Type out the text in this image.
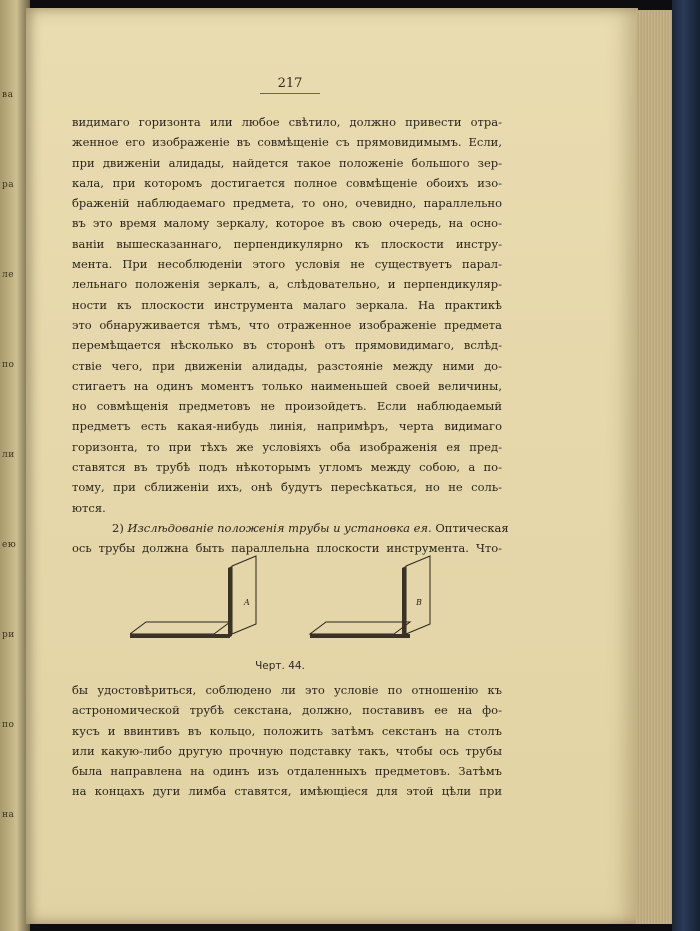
ва
ра
ле
по
ли
ею
ри
по
на
217
видимаго горизонта или любое свѣтило, должно привести отра-
женное его изображеніе въ совмѣщеніе съ прямовидимымъ. Если,
при движеніи алидады, найдется такое положеніе большого зер-
кала, при которомъ достигается полное совмѣщеніе обоихъ изо-
браженій наблюдаемаго предмета, то оно, очевидно, параллельно
въ это время малому зеркалу, которое въ свою очередь, на осно-
ваніи вышесказаннаго, перпендикулярно къ плоскости инстру-
мента. При несоблюденіи этого условія не существуетъ парал-
лельнаго положенія зеркалъ, а, слѣдовательно, и перпендикуляр-
ности къ плоскости инструмента малаго зеркала. На практикѣ
это обнаруживается тѣмъ, что отраженное изображеніе предмета
перемѣщается нѣсколько въ сторонѣ отъ прямовидимаго, вслѣд-
ствіе чего, при движеніи алидады, разстояніе между ними до-
стигаетъ на одинъ моментъ только наименьшей своей величины,
но совмѣщенія предметовъ не произойдетъ. Если наблюдаемый
предметъ есть какая-нибудь линія, напримѣръ, черта видимаго
горизонта, то при тѣхъ же условіяхъ оба изображенія ея пред-
ставятся въ трубѣ подъ нѣкоторымъ угломъ между собою, а по-
тому, при сближеніи ихъ, онѣ будутъ пересѣкаться, но не соль-
ются.
2) Изслѣдованіе положенія трубы и установка ея. Оптическая
ось трубы должна быть параллельна плоскости инструмента. Что-
A	B
Черт. 44.
бы удостовѣриться, соблюдено ли это условіе по отношенію къ
астрономической трубѣ секстана, должно, поставивъ ее на фо-
кусъ и ввинтивъ въ кольцо, положить затѣмъ секстанъ на столъ
или какую-либо другую прочную подставку такъ, чтобы ось трубы
была направлена на одинъ изъ отдаленныхъ предметовъ. Затѣмъ
на концахъ дуги лимба ставятся, имѣющіеся для этой цѣли при
